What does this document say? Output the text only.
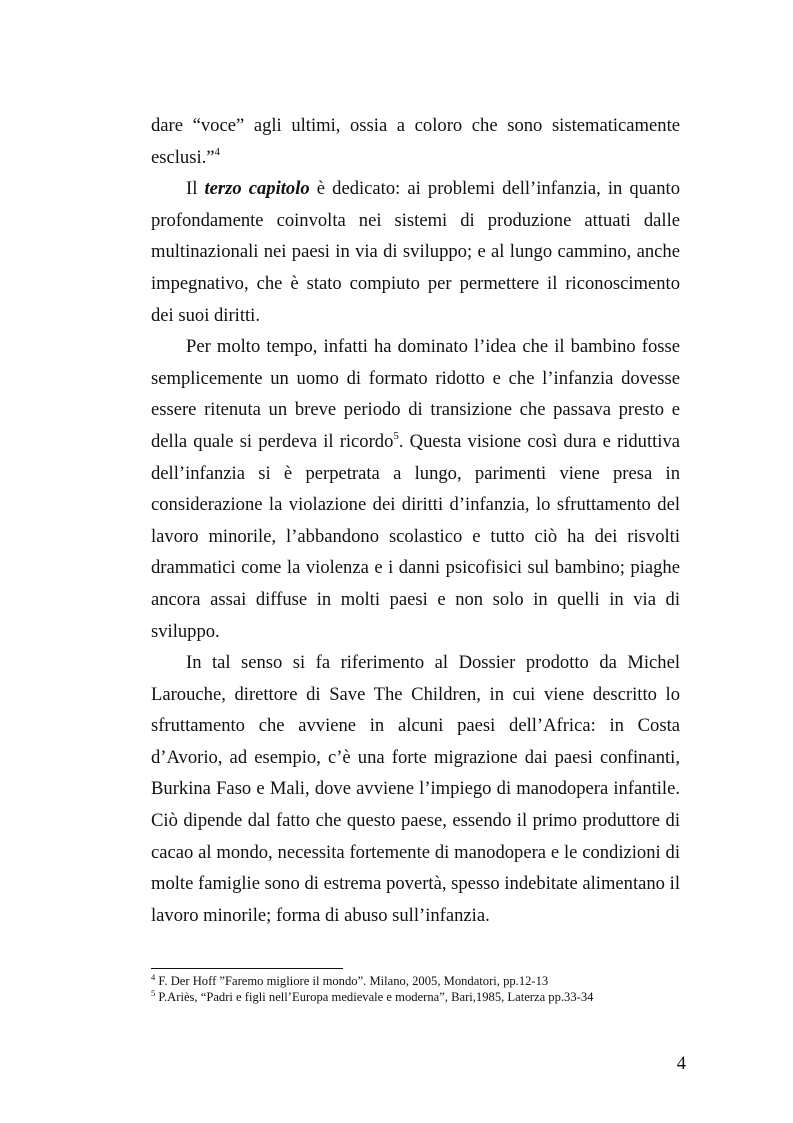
dare “voce” agli ultimi, ossia a coloro che sono sistematicamente esclusi.”$^4$

Il terzo capitolo è dedicato: ai problemi dell’infanzia, in quanto profondamente coinvolta nei sistemi di produzione attuati dalle multinazionali nei paesi in via di sviluppo; e al lungo cammino, anche impegnativo, che è stato compiuto per permettere il riconoscimento dei suoi diritti.

Per molto tempo, infatti ha dominato l’idea che il bambino fosse semplicemente un uomo di formato ridotto e che l’infanzia dovesse essere ritenuta un breve periodo di transizione che passava presto e della quale si perdeva il ricordo$^5$. Questa visione così dura e riduttiva dell’infanzia si è perpetrata a lungo, parimenti viene presa in considerazione la violazione dei diritti d’infanzia, lo sfruttamento del lavoro minorile, l’abbandono scolastico e tutto ciò ha dei risvolti drammatici come la violenza e i danni psicofisici sul bambino; piaghe ancora assai diffuse in molti paesi e non solo in quelli in via di sviluppo.

In tal senso si fa riferimento al Dossier prodotto da Michel Larouche, direttore di Save The Children, in cui viene descritto lo sfruttamento che avviene in alcuni paesi dell’Africa: in Costa d’Avorio, ad esempio, c’è una forte migrazione dai paesi confinanti, Burkina Faso e Mali, dove avviene l’impiego di manodopera infantile. Ciò dipende dal fatto che questo paese, essendo il primo produttore di cacao al mondo, necessita fortemente di manodopera e le condizioni di molte famiglie sono di estrema povertà, spesso indebitate alimentano il lavoro minorile; forma di abuso sull’infanzia.

$^4$ F. Der Hoff ”Faremo migliore il mondo”. Milano, 2005, Mondatori, pp.12-13
$^5$ P.Ariès, “Padri e figli nell’Europa medievale e moderna”, Bari,1985, Laterza pp.33-34
4
